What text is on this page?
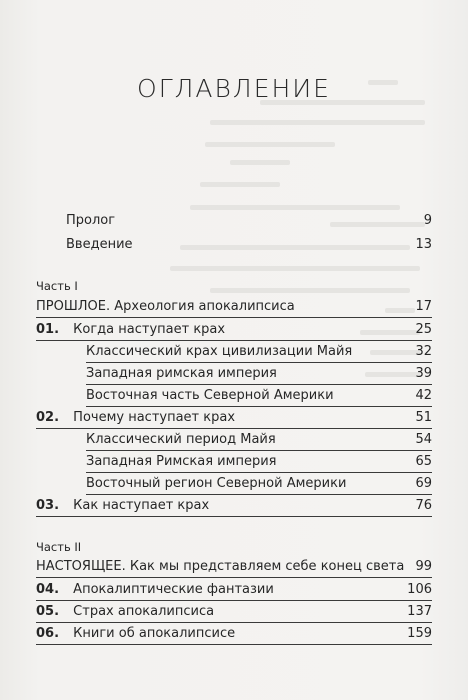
ОГЛАВЛЕНИЕ
Пролог	9
Введение	13
Часть I
ПРОШЛОЕ. Археология апокалипсиса	17
01. Когда наступает крах	25
Классический крах цивилизации Майя	32
Западная римская империя	39
Восточная часть Северной Америки	42
02. Почему наступает крах	51
Классический период Майя	54
Западная Римская империя	65
Восточный регион Северной Америки	69
03. Как наступает крах	76
Часть II
НАСТОЯЩЕЕ. Как мы представляем себе конец света 99
04. Апокалиптические фантазии	106
05. Страх апокалипсиса	137
06. Книги об апокалипсисе	159
